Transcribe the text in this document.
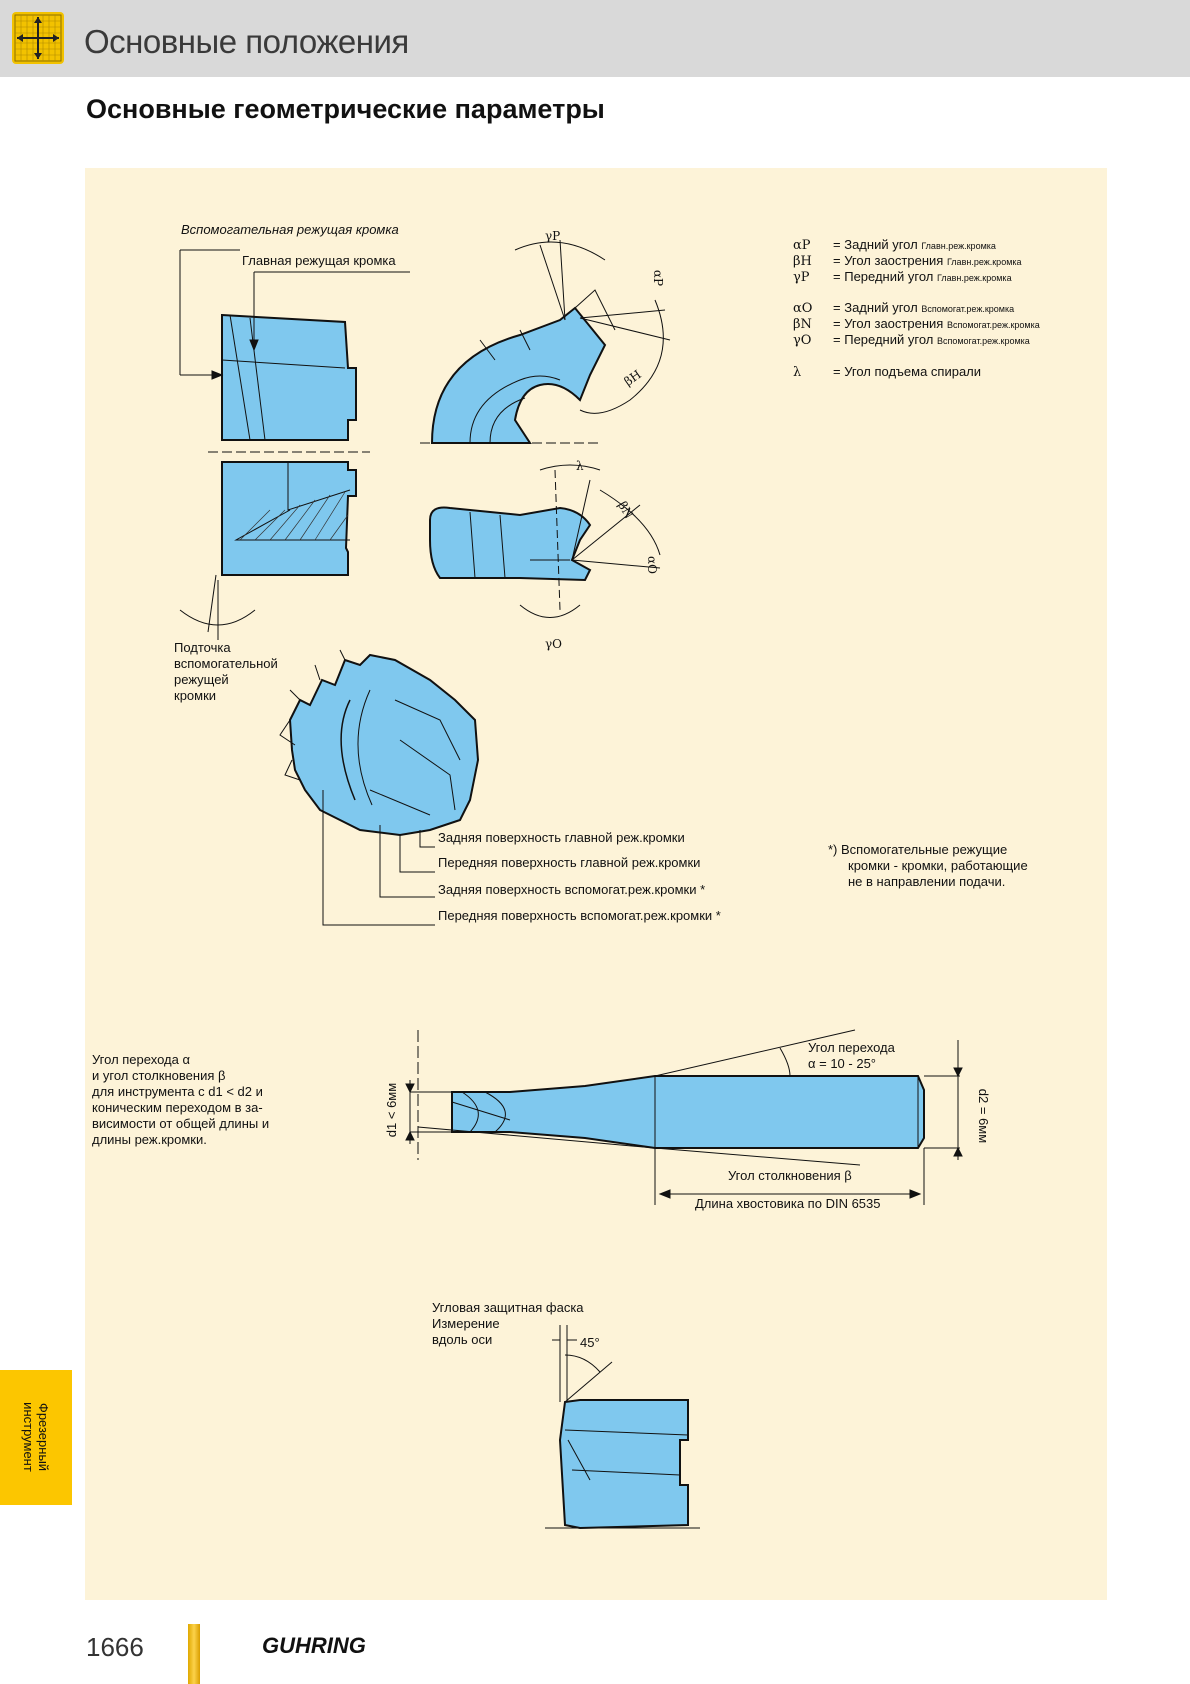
Основные положения
Основные геометрические параметры
Вспомогательная режущая кромка
Главная режущая кромка
Подточка
вспомогательной
режущей
кромки
γP
αP
βH
λ
βN
αO
γO
αP = Задний угол Главн.реж.кромка
βH = Угол заострения Главн.реж.кромка
γP = Передний угол Главн.реж.кромка
αO = Задний угол Вспомогат.реж.кромка
βN = Угол заострения Вспомогат.реж.кромка
γO = Передний угол Вспомогат.реж.кромка
λ = Угол подъема спирали
Задняя поверхность главной реж.кромки
Передняя поверхность главной реж.кромки
Задняя поверхность вспомогат.реж.кромки *
Передняя поверхность вспомогат.реж.кромки *
*) Вспомогательные режущие
кромки - кромки, работающие
не в направлении подачи.
Угол перехода α
и угол столкновения β
для инструмента с d1 < d2 и
коническим переходом в за-
висимости от общей длины и
длины реж.кромки.
Угол перехода
α = 10 - 25°
Угол столкновения β
Длина хвостовика по DIN 6535
d1 < 6мм	d2 = 6мм
Угловая защитная фаска
Измерение
вдоль оси	45°
Фрезерный
инструмент
1666	GUHRING
